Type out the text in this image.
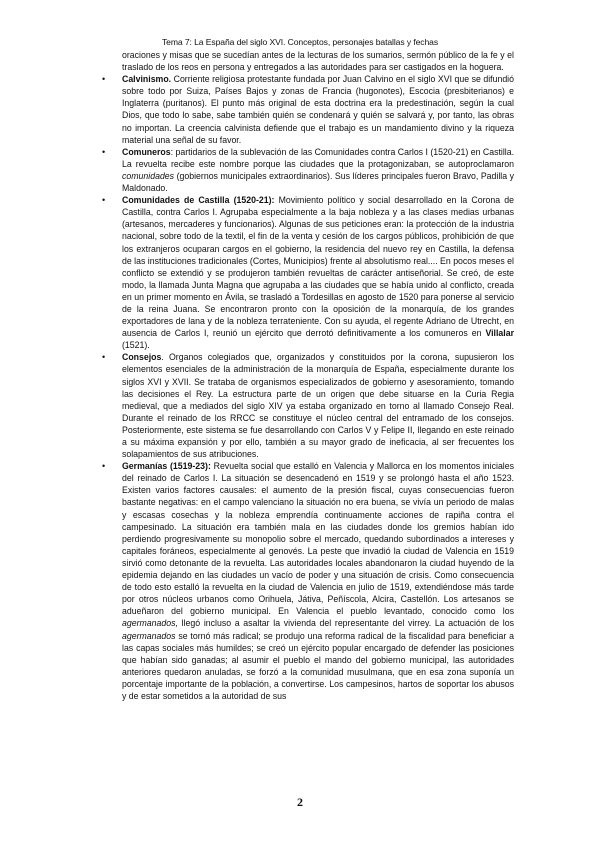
Tema 7: La España del siglo XVI. Conceptos, personajes batallas y fechas

oraciones y misas que se sucedían antes de la lecturas de los sumarios, sermón público de la fe y el traslado de los reos en persona y entregados a las autoridades para ser castigados en la hoguera.

• Calvinismo. Corriente religiosa protestante fundada por Juan Calvino en el siglo XVI que se difundió sobre todo por Suiza, Países Bajos y zonas de Francia (hugonotes), Escocia (presbiterianos) e Inglaterra (puritanos). El punto más original de esta doctrina era la predestinación, según la cual Dios, que todo lo sabe, sabe también quién se condenará y quién se salvará y, por tanto, las obras no importan. La creencia calvinista defiende que el trabajo es un mandamiento divino y la riqueza material una señal de su favor.
• Comuneros: partidarios de la sublevación de las Comunidades contra Carlos I (1520-21) en Castilla. La revuelta recibe este nombre porque las ciudades que la protagonizaban, se autoproclamaron comunidades (gobiernos municipales extraordinarios). Sus líderes principales fueron Bravo, Padilla y Maldonado.
• Comunidades de Castilla (1520-21): Movimiento político y social desarrollado en la Corona de Castilla, contra Carlos I. Agrupaba especialmente a la baja nobleza y a las clases medias urbanas (artesanos, mercaderes y funcionarios). Algunas de sus peticiones eran: la protección de la industria nacional, sobre todo de la textil, el fin de la venta y cesión de los cargos públicos, prohibición de que los extranjeros ocuparan cargos en el gobierno, la residencia del nuevo rey en Castilla, la defensa de las instituciones tradicionales (Cortes, Municipios) frente al absolutismo real.... En pocos meses el conflicto se extendió y se produjeron también revueltas de carácter antiseñorial. Se creó, de este modo, la llamada Junta Magna que agrupaba a las ciudades que se había unido al conflicto, creada en un primer momento en Ávila, se trasladó a Tordesillas en agosto de 1520 para ponerse al servicio de la reina Juana. Se encontraron pronto con la oposición de la monarquía, de los grandes exportadores de lana y de la nobleza terrateniente. Con su ayuda, el regente Adriano de Utrecht, en ausencia de Carlos I, reunió un ejército que derrotó definitivamente a los comuneros en Villalar (1521).
• Consejos. Organos colegiados que, organizados y constituidos por la corona, supusieron los elementos esenciales de la administración de la monarquía de España, especialmente durante los siglos XVI y XVII. Se trataba de organismos especializados de gobierno y asesoramiento, tomando las decisiones el Rey. La estructura parte de un origen que debe situarse en la Curia Regia medieval, que a mediados del siglo XIV ya estaba organizado en torno al llamado Consejo Real. Durante el reinado de los RRCC se constituye el núcleo central del entramado de los consejos. Posteriormente, este sistema se fue desarrollando con Carlos V y Felipe II, llegando en este reinado a su máxima expansión y por ello, también a su mayor grado de ineficacia, al ser frecuentes los solapamientos de sus atribuciones.
• Germanías (1519-23): Revuelta social que estalló en Valencia y Mallorca en los momentos iniciales del reinado de Carlos I. La situación se desencadenó en 1519 y se prolongó hasta el año 1523. Existen varios factores causales: el aumento de la presión fiscal, cuyas consecuencias fueron bastante negativas: en el campo valenciano la situación no era buena, se vivía un periodo de malas y escasas cosechas y la nobleza emprendía continuamente acciones de rapiña contra el campesinado. La situación era también mala en las ciudades donde los gremios habían ido perdiendo progresivamente su monopolio sobre el mercado, quedando subordinados a intereses y capitales foráneos, especialmente al genovés. La peste que invadió la ciudad de Valencia en 1519 sirvió como detonante de la revuelta. Las autoridades locales abandonaron la ciudad huyendo de la epidemia dejando en las ciudades un vacío de poder y una situación de crisis. Como consecuencia de todo esto estalló la revuelta en la ciudad de Valencia en julio de 1519, extendiéndose más tarde por otros núcleos urbanos como Orihuela, Játiva, Peñíscola, Alcira, Castellón. Los artesanos se adueñaron del gobierno municipal. En Valencia el pueblo levantado, conocido como los agermanados, llegó incluso a asaltar la vivienda del representante del virrey. La actuación de los agermanados se tornó más radical; se produjo una reforma radical de la fiscalidad para beneficiar a las capas sociales más humildes; se creó un ejército popular encargado de defender las posiciones que habían sido ganadas; al asumir el pueblo el mando del gobierno municipal, las autoridades anteriores quedaron anuladas, se forzó a la comunidad musulmana, que en esa zona suponía un porcentaje importante de la población, a convertirse. Los campesinos, hartos de soportar los abusos y de estar sometidos a la autoridad de sus
2
